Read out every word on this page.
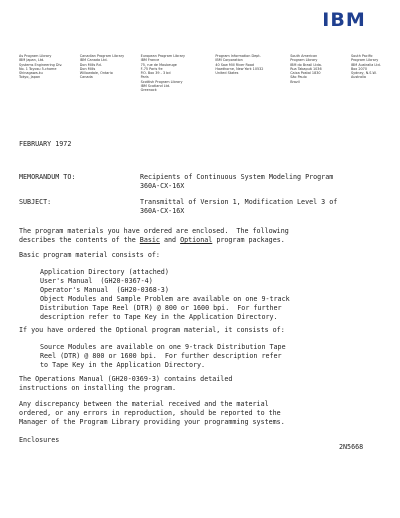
IBM
As Program Library
IBM Japan, Ltd.
Systems Engineering Div.
No. 1 Toyosu 5-chome
Shinagawa-ku
Tokyo, Japan
Canadian Program Library
IBM Canada Ltd.
Don Mills Rd.
Don Mills
Willowdale, Ontario
Canada
European Program Library
IBM France
75, rue de Maubeuge
F-75 Paris 9e
P.O. Box 39 - 3 bd
Paris
Scottish Program Library
IBM Scotland Ltd.
Greenock
Program Information Dept.
IBM Corporation
40 Saw Mill River Road
Hawthorne, New York 10532
United States
South American
Program Library
IBM do Brasil Ltda.
Rua Tabapuã 1036
Caixa Postal 1830
São Paulo
Brazil
South Pacific
Program Library
IBM Australia Ltd.
Box 2070
Sydney, N.S.W.
Australia
FEBRUARY 1972
MEMORANDUM TO:	Recipients of Continuous System Modeling Program
360A-CX-16X
SUBJECT:	Transmittal of Version 1, Modification Level 3 of
360A-CX-16X
The program materials you have ordered are enclosed.  The following
describes the contents of the Basic and Optional program packages.
Basic program material consists of:
Application Directory (attached)
User's Manual  (GH20-0367-4)
Operator's Manual  (GH20-0368-3)
Object Modules and Sample Problem are available on one 9-track
Distribution Tape Reel (DTR) @ 800 or 1600 bpi.  For further
description refer to Tape Key in the Application Directory.
If you have ordered the Optional program material, it consists of:
Source Modules are available on one 9-track Distribution Tape
Reel (DTR) @ 800 or 1600 bpi.  For further description refer
to Tape Key in the Application Directory.
The Operations Manual (GH20-0369-3) contains detailed
instructions on installing the program.
Any discrepancy between the material received and the material
ordered, or any errors in reproduction, should be reported to the
Manager of the Program Library providing your programming systems.
Enclosures
2N5668
